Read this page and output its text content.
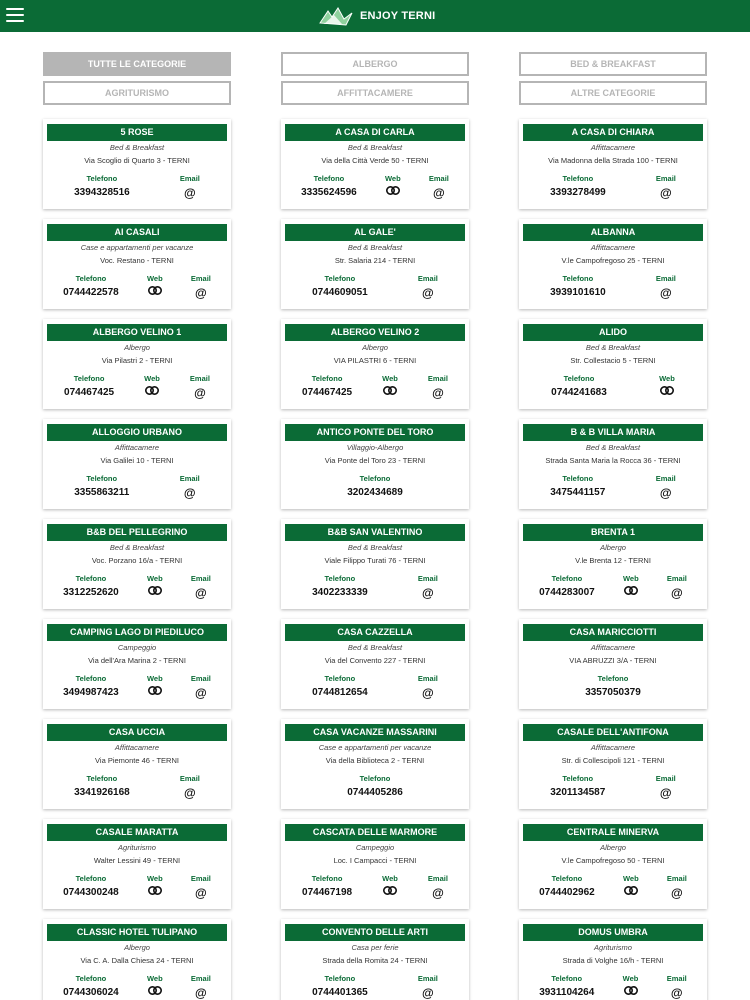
ENJOY TERNI
TUTTE LE CATEGORIE	ALBERGO	BED & BREAKFAST
AGRITURISMO	AFFITTACAMERE	ALTRE CATEGORIE
5 ROSE
Bed & Breakfast
Via Scoglio di Quarto 3 - TERNI
Telefono
3394328516
Email
@
A CASA DI CARLA
Bed & Breakfast
Via della Città Verde 50 - TERNI
Telefono
3335624596
Web	Email
@
A CASA DI CHIARA
Affittacamere
Via Madonna della Strada 100 - TERNI
Telefono
3393278499
Email
@
AI CASALI
Case e appartamenti per vacanze
Voc. Restano - TERNI
Telefono
0744422578
Web	Email
@
AL GALE'
Bed & Breakfast
Str. Salaria 214 - TERNI
Telefono
0744609051
Email
@
ALBANNA
Affittacamere
V.le Campofregoso 25 - TERNI
Telefono
3939101610
Email
@
ALBERGO VELINO 1
Albergo
Via Pilastri 2 - TERNI
Telefono
074467425
Web	Email
@
ALBERGO VELINO 2
Albergo
VIA PILASTRI 6 - TERNI
Telefono
074467425
Web	Email
@
ALIDO
Bed & Breakfast
Str. Collestacio 5 - TERNI
Telefono
0744241683
Web
ALLOGGIO URBANO
Affittacamere
Via Galilei 10 - TERNI
Telefono
3355863211
Email
@
ANTICO PONTE DEL TORO
Villaggio-Albergo
Via Ponte del Toro 23 - TERNI
Telefono
3202434689
B & B VILLA MARIA
Bed & Breakfast
Strada Santa Maria la Rocca 36 - TERNI
Telefono
3475441157
Email
@
B&B DEL PELLEGRINO
Bed & Breakfast
Voc. Porzano 16/a - TERNI
Telefono
3312252620
Web	Email
@
B&B SAN VALENTINO
Bed & Breakfast
Viale Filippo Turati 76 - TERNI
Telefono
3402233339
Email
@
BRENTA 1
Albergo
V.le Brenta 12 - TERNI
Telefono
0744283007
Web	Email
@
CAMPING LAGO DI PIEDILUCO
Campeggio
Via dell'Ara Marina 2 - TERNI
Telefono
3494987423
Web	Email
@
CASA CAZZELLA
Bed & Breakfast
Via del Convento 227 - TERNI
Telefono
0744812654
Email
@
CASA MARICCIOTTI
Affittacamere
VIA ABRUZZI 3/A - TERNI
Telefono
3357050379
CASA UCCIA
Affittacamere
Via Piemonte 46 - TERNI
Telefono
3341926168
Email
@
CASA VACANZE MASSARINI
Case e appartamenti per vacanze
Via della Biblioteca 2 - TERNI
Telefono
0744405286
CASALE DELL'ANTIFONA
Affittacamere
Str. di Collescipoli 121 - TERNI
Telefono
3201134587
Email
@
CASALE MARATTA
Agriturismo
Walter Lessini 49 - TERNI
Telefono
0744300248
Web	Email
@
CASCATA DELLE MARMORE
Campeggio
Loc. I Campacci - TERNI
Telefono
074467198
Web	Email
@
CENTRALE MINERVA
Albergo
V.le Campofregoso 50 - TERNI
Telefono
0744402962
Web	Email
@
CLASSIC HOTEL TULIPANO
Albergo
Via C. A. Dalla Chiesa 24 - TERNI
Telefono
0744306024
Web	Email
@
CONVENTO DELLE ARTI
Casa per ferie
Strada della Romita 24 - TERNI
Telefono
0744401365
Email
@
DOMUS UMBRA
Agriturismo
Strada di Volghe 16/h - TERNI
Telefono
3931104264
Web	Email
@
